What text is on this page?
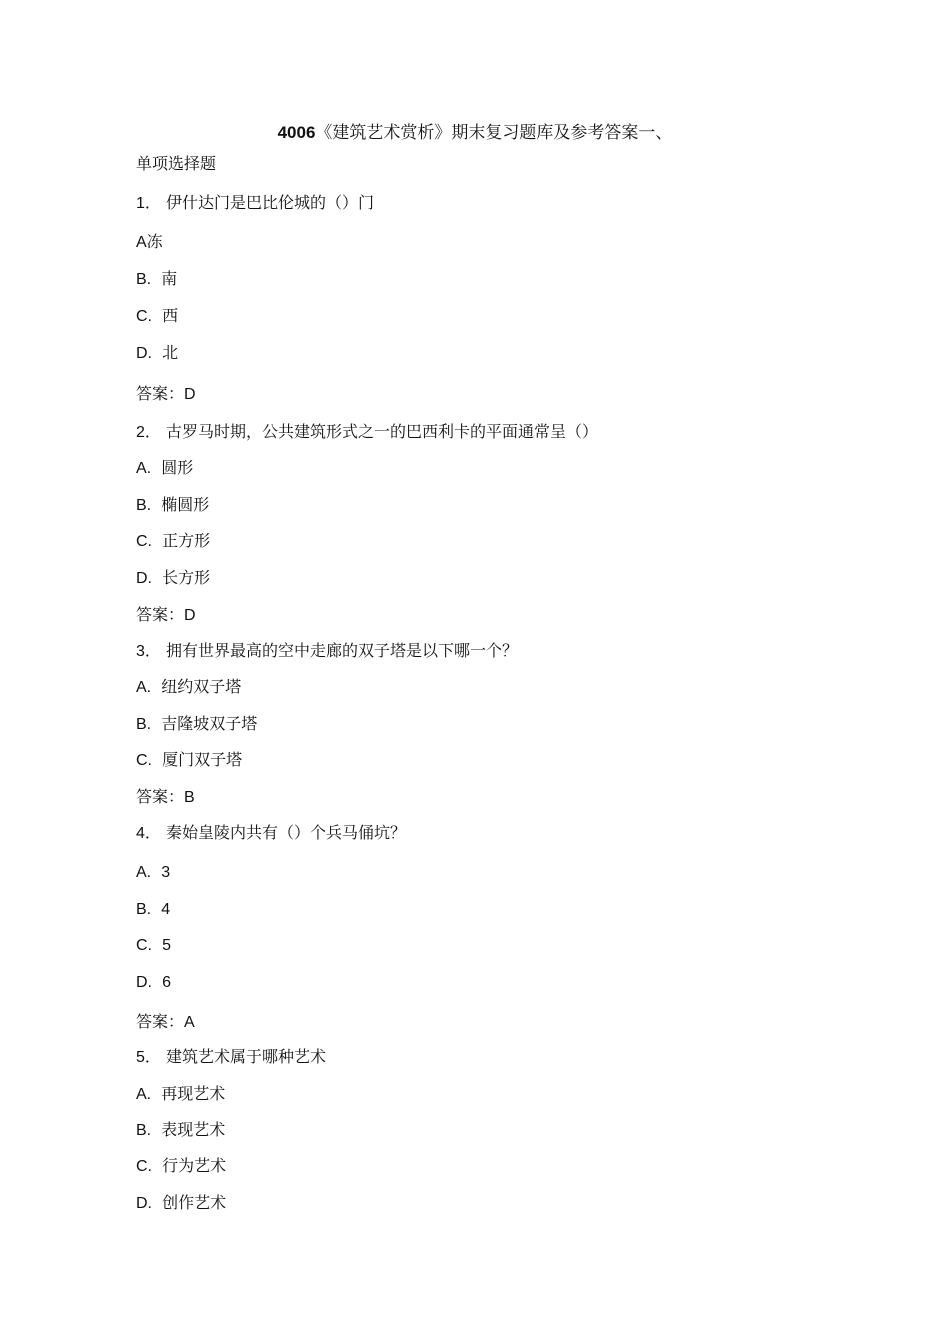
4006《建筑艺术赏析》期末复习题库及参考答案一、
单项选择题
1． 伊什达门是巴比伦城的（）门
A冻
B. 南
C. 西
D. 北
答案：D
2． 古罗马时期，公共建筑形式之一的巴西利卡的平面通常呈（）
A. 圆形
B. 椭圆形
C. 正方形
D. 长方形
答案：D
3． 拥有世界最高的空中走廊的双子塔是以下哪一个？
A. 纽约双子塔
B. 吉隆坡双子塔
C. 厦门双子塔
答案：B
4． 秦始皇陵内共有（）个兵马俑坑？
A. 3
B. 4
C. 5
D. 6
答案：A
5． 建筑艺术属于哪种艺术
A. 再现艺术
B. 表现艺术
C. 行为艺术
D. 创作艺术
